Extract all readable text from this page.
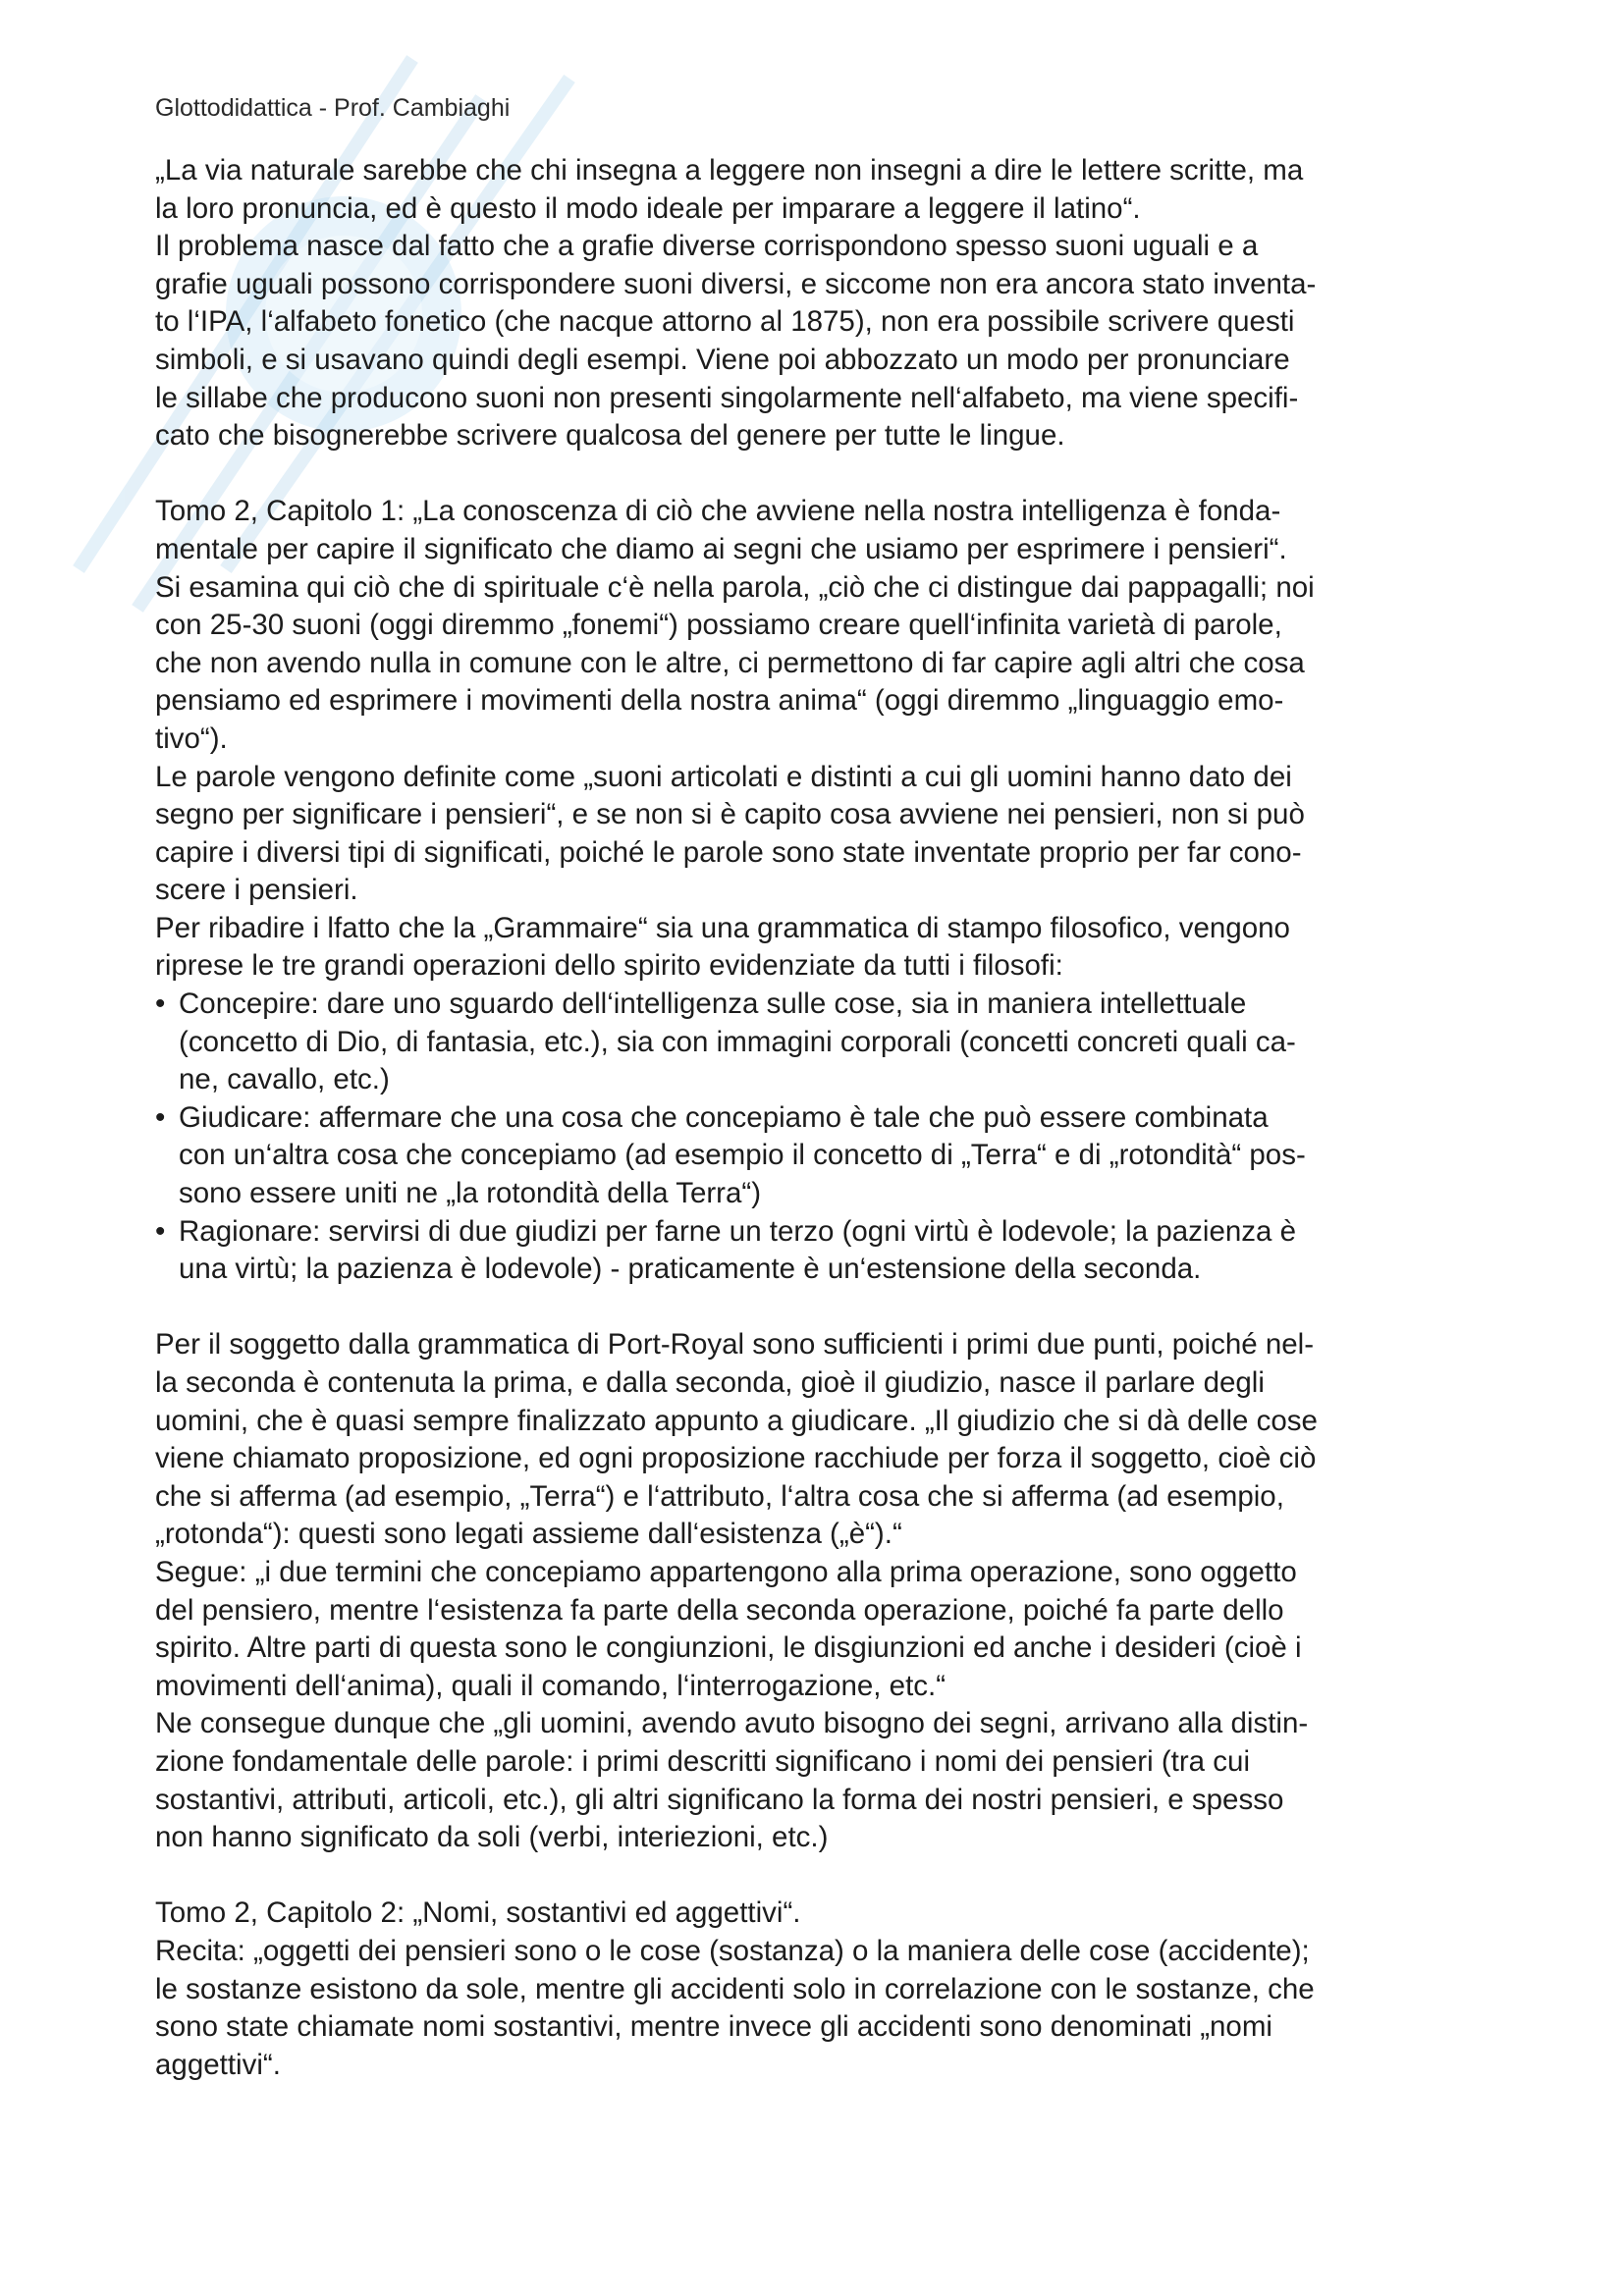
Glottodidattica - Prof. Cambiaghi
„La via naturale sarebbe che chi insegna a leggere non insegni a dire le lettere scritte, ma
la loro pronuncia, ed è questo il modo ideale per imparare a leggere il latino“.
Il problema nasce dal fatto che a grafie diverse corrispondono spesso suoni uguali e a
grafie uguali possono corrispondere suoni diversi, e siccome non era ancora stato inventa-
to l‘IPA, l‘alfabeto fonetico (che nacque attorno al 1875), non era possibile scrivere questi
simboli, e si usavano quindi degli esempi. Viene poi abbozzato un modo per pronunciare
le sillabe che producono suoni non presenti singolarmente nell‘alfabeto, ma viene specifi-
cato che bisognerebbe scrivere qualcosa del genere per tutte le lingue.
Tomo 2, Capitolo 1: „La conoscenza di ciò che avviene nella nostra intelligenza è fonda-
mentale per capire il significato che diamo ai segni che usiamo per esprimere i pensieri“.
Si esamina qui ciò che di spirituale c‘è nella parola, „ciò che ci distingue dai pappagalli; noi
con 25-30 suoni (oggi diremmo „fonemi“) possiamo creare quell‘infinita varietà di parole,
che non avendo nulla in comune con le altre, ci permettono di far capire agli altri che cosa
pensiamo ed esprimere i movimenti della nostra anima“ (oggi diremmo „linguaggio emo-
tivo“).
Le parole vengono definite come „suoni articolati e distinti a cui gli uomini hanno dato dei
segno per significare i pensieri“, e se non si è capito cosa avviene nei pensieri, non si può
capire i diversi tipi di significati, poiché le parole sono state inventate proprio per far cono-
scere i pensieri.
Per ribadire i lfatto che la „Grammaire“ sia una grammatica di stampo filosofico, vengono
riprese le tre grandi operazioni dello spirito evidenziate da tutti i filosofi:
• Concepire: dare uno sguardo dell‘intelligenza sulle cose, sia in maniera intellettuale
(concetto di Dio, di fantasia, etc.), sia con immagini corporali (concetti concreti quali ca-
ne, cavallo, etc.)
• Giudicare: affermare che una cosa che concepiamo è tale che può essere combinata
con un‘altra cosa che concepiamo (ad esempio il concetto di „Terra“ e di „rotondità“ pos-
sono essere uniti ne „la rotondità della Terra“)
• Ragionare: servirsi di due giudizi per farne un terzo (ogni virtù è lodevole; la pazienza è
una virtù; la pazienza è lodevole) - praticamente è un‘estensione della seconda.
Per il soggetto dalla grammatica di Port-Royal sono sufficienti i primi due punti, poiché nel-
la seconda è contenuta la prima, e dalla seconda, gioè il giudizio, nasce il parlare degli
uomini, che è quasi sempre finalizzato appunto a giudicare. „Il giudizio che si dà delle cose
viene chiamato proposizione, ed ogni proposizione racchiude per forza il soggetto, cioè ciò
che si afferma (ad esempio, „Terra“) e l‘attributo, l‘altra cosa che si afferma (ad esempio,
„rotonda“): questi sono legati assieme dall‘esistenza („è“).“
Segue: „i due termini che concepiamo appartengono alla prima operazione, sono oggetto
del pensiero, mentre l‘esistenza fa parte della seconda operazione, poiché fa parte dello
spirito. Altre parti di questa sono le congiunzioni, le disgiunzioni ed anche i desideri (cioè i
movimenti dell‘anima), quali il comando, l‘interrogazione, etc.“
Ne consegue dunque che „gli uomini, avendo avuto bisogno dei segni, arrivano alla distin-
zione fondamentale delle parole: i primi descritti significano i nomi dei pensieri (tra cui
sostantivi, attributi, articoli, etc.), gli altri significano la forma dei nostri pensieri, e spesso
non hanno significato da soli (verbi, interiezioni, etc.)
Tomo 2, Capitolo 2: „Nomi, sostantivi ed aggettivi“.
Recita: „oggetti dei pensieri sono o le cose (sostanza) o la maniera delle cose (accidente);
le sostanze esistono da sole, mentre gli accidenti solo in correlazione con le sostanze, che
sono state chiamate nomi sostantivi, mentre invece gli accidenti sono denominati „nomi
aggettivi“.
